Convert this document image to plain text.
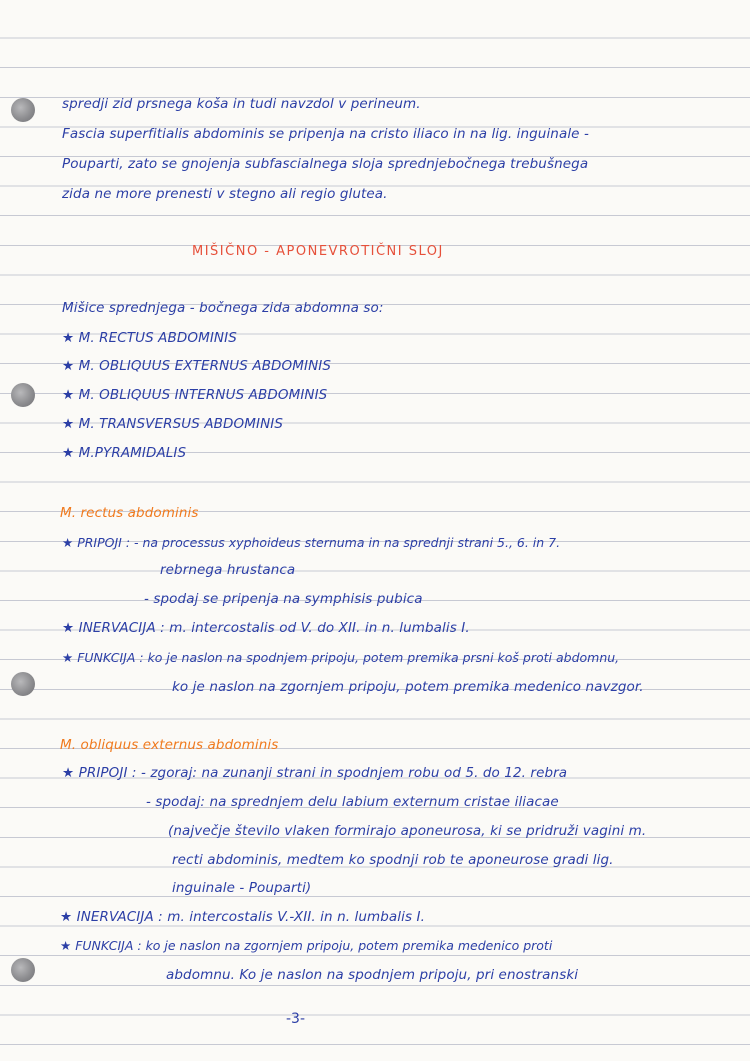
spredji zid prsnega koša in tudi navzdol v perineum.
Fascia superfitialis abdominis se pripenja na cristo iliaco in na lig. inguinale -
Pouparti, zato se gnojenja subfascialnega sloja sprednjebočnega trebušnega
zida ne more prenesti v stegno ali regio glutea.
MIŠIČNO - APONEVROTIČNI SLOJ
Mišice sprednjega - bočnega zida abdomna so:
★ M. RECTUS ABDOMINIS
★ M. OBLIQUUS EXTERNUS ABDOMINIS
★ M. OBLIQUUS INTERNUS ABDOMINIS
★ M. TRANSVERSUS ABDOMINIS
★ M.PYRAMIDALIS
M. rectus abdominis
★ PRIPOJI : - na processus xyphoideus sternuma in na sprednji strani 5., 6. in 7.
rebrnega hrustanca
- spodaj se pripenja na symphisis pubica
★ INERVACIJA : m. intercostalis od V. do XII. in n. lumbalis I.
★ FUNKCIJA : ko je naslon na spodnjem pripoju, potem premika prsni koš proti abdomnu,
ko je naslon na zgornjem pripoju, potem premika medenico navzgor.
M. obliquus externus abdominis
★ PRIPOJI : - zgoraj: na zunanji strani in spodnjem robu od 5. do 12. rebra
- spodaj: na sprednjem delu labium externum cristae iliacae
(največje število vlaken formirajo aponeurosa, ki se pridruži vagini m.
recti abdominis, medtem ko spodnji rob te aponeurose gradi lig.
inguinale - Pouparti)
★ INERVACIJA : m. intercostalis V.-XII. in n. lumbalis I.
★ FUNKCIJA : ko je naslon na zgornjem pripoju, potem premika medenico proti
abdomnu. Ko je naslon na spodnjem pripoju, pri enostranski
-3-
